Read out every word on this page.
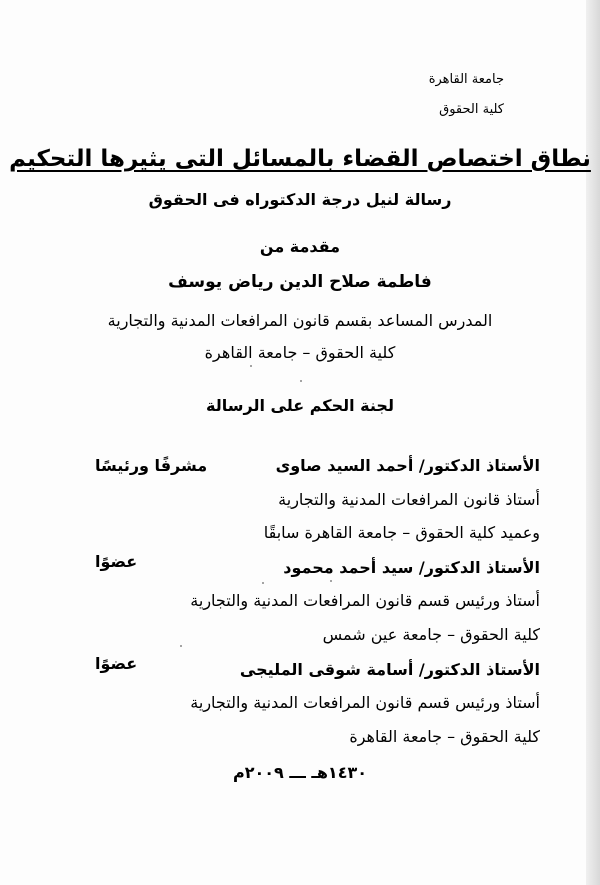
جامعة القاهرة

كلية الحقوق

نطاق اختصاص القضاء بالمسائل التى يثيرها التحكيم

رسالة لنيل درجة الدكتوراه فى الحقوق

مقدمة من

فاطمة صلاح الدين رياض يوسف

المدرس المساعد بقسم قانون المرافعات المدنية والتجارية

كلية الحقوق – جامعة القاهرة

لجنة الحكم على الرسالة

الأستاذ الدكتور/ أحمد السيد صاوى
مشرفًا ورئيسًا
أستاذ قانون المرافعات المدنية والتجارية
وعميد كلية الحقوق – جامعة القاهرة سابقًا
الأستاذ الدكتور/ سيد أحمد محمود
عضوًا
أستاذ ورئيس قسم قانون المرافعات المدنية والتجارية
كلية الحقوق – جامعة عين شمس
الأستاذ الدكتور/ أسامة شوقى المليجى
عضوًا
أستاذ ورئيس قسم قانون المرافعات المدنية والتجارية
كلية الحقوق – جامعة القاهرة

١٤٣٠هـ ـــ ٢٠٠٩م
